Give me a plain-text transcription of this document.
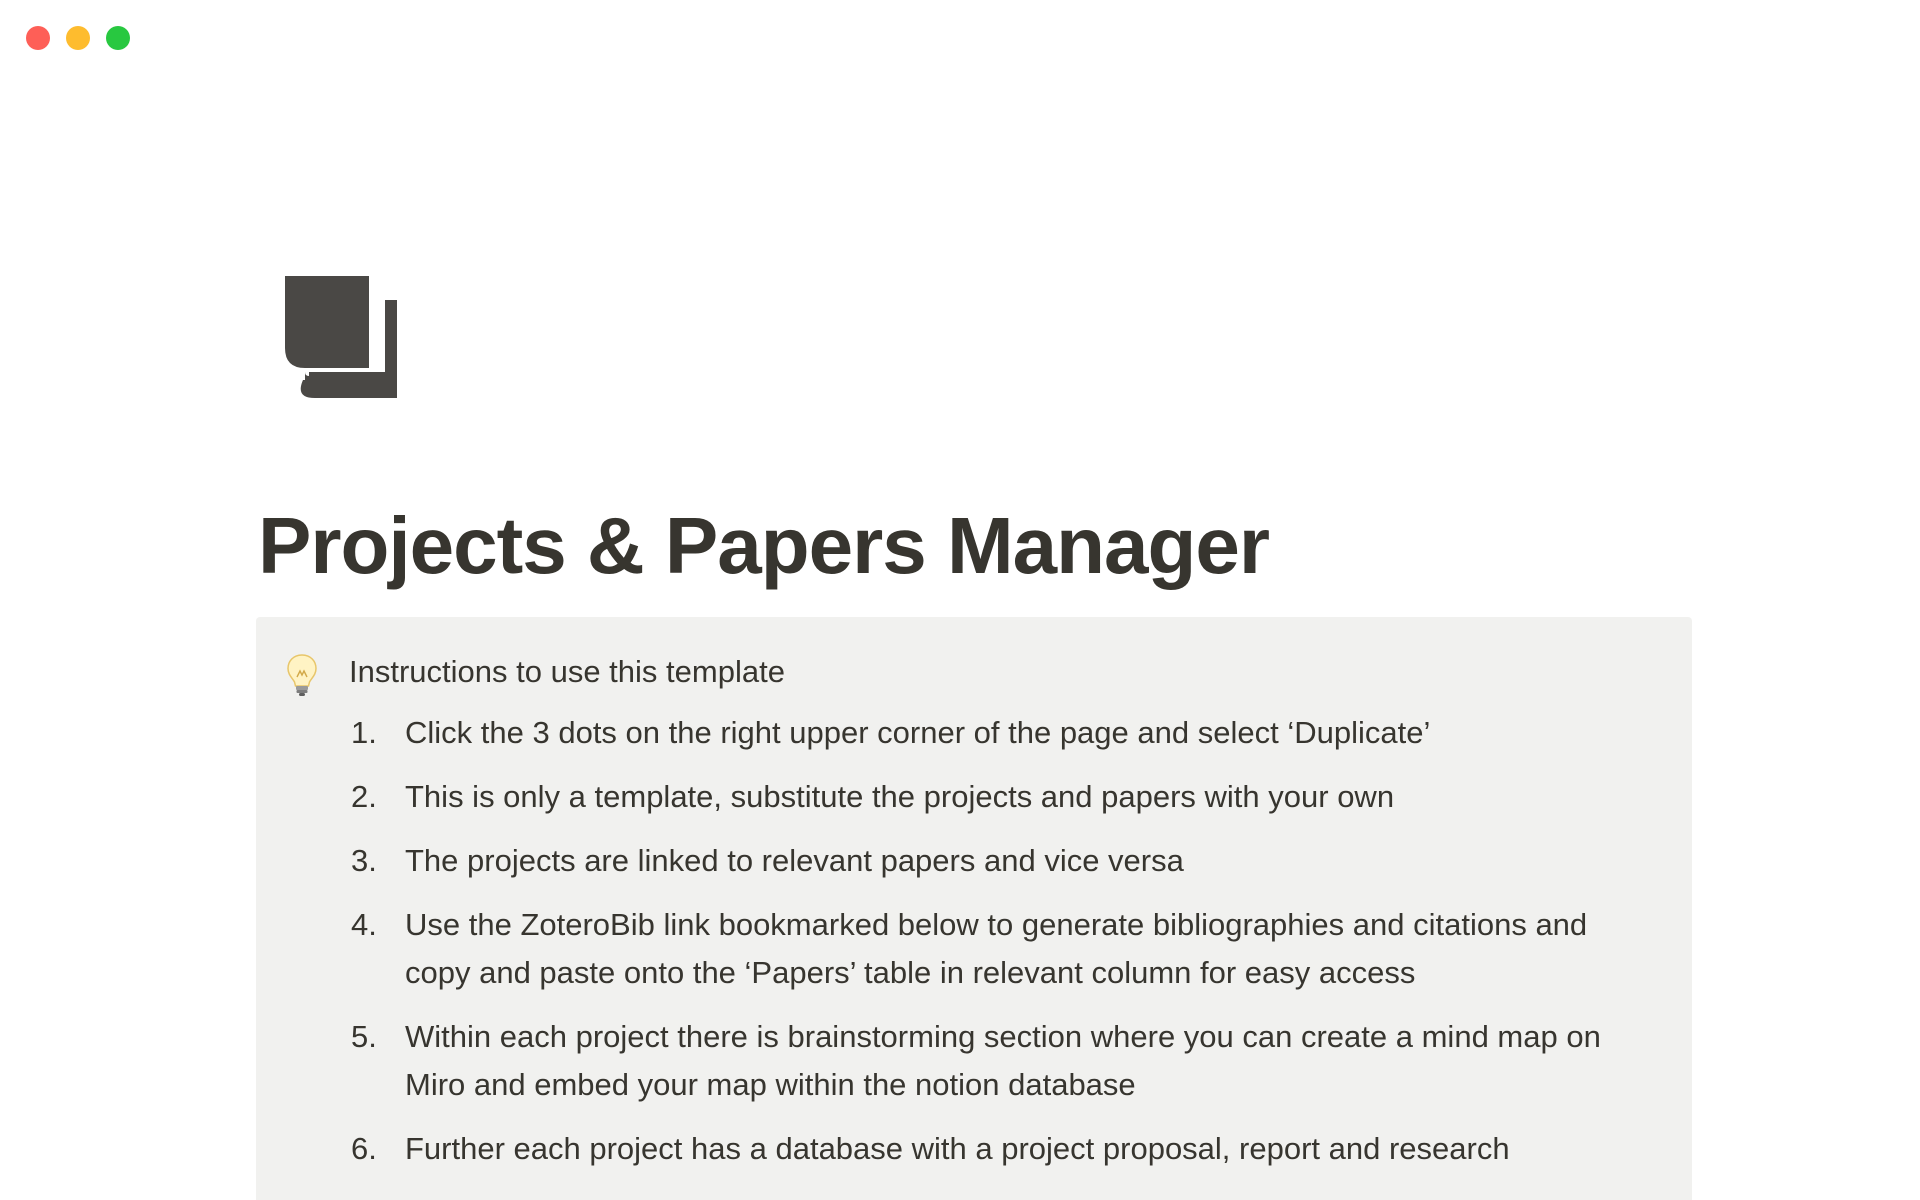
Projects & Papers Manager
Instructions to use this template
1. Click the 3 dots on the right upper corner of the page and select ‘Duplicate’
2. This is only a template, substitute the projects and papers with your own
3. The projects are linked to relevant papers and vice versa
4. Use the ZoteroBib link bookmarked below to generate bibliographies and citations and copy and paste onto the ‘Papers’ table in relevant column for easy access
5. Within each project there is brainstorming section where you can create a mind map on Miro and embed your map within the notion database
6. Further each project has a database with a project proposal, report and research
